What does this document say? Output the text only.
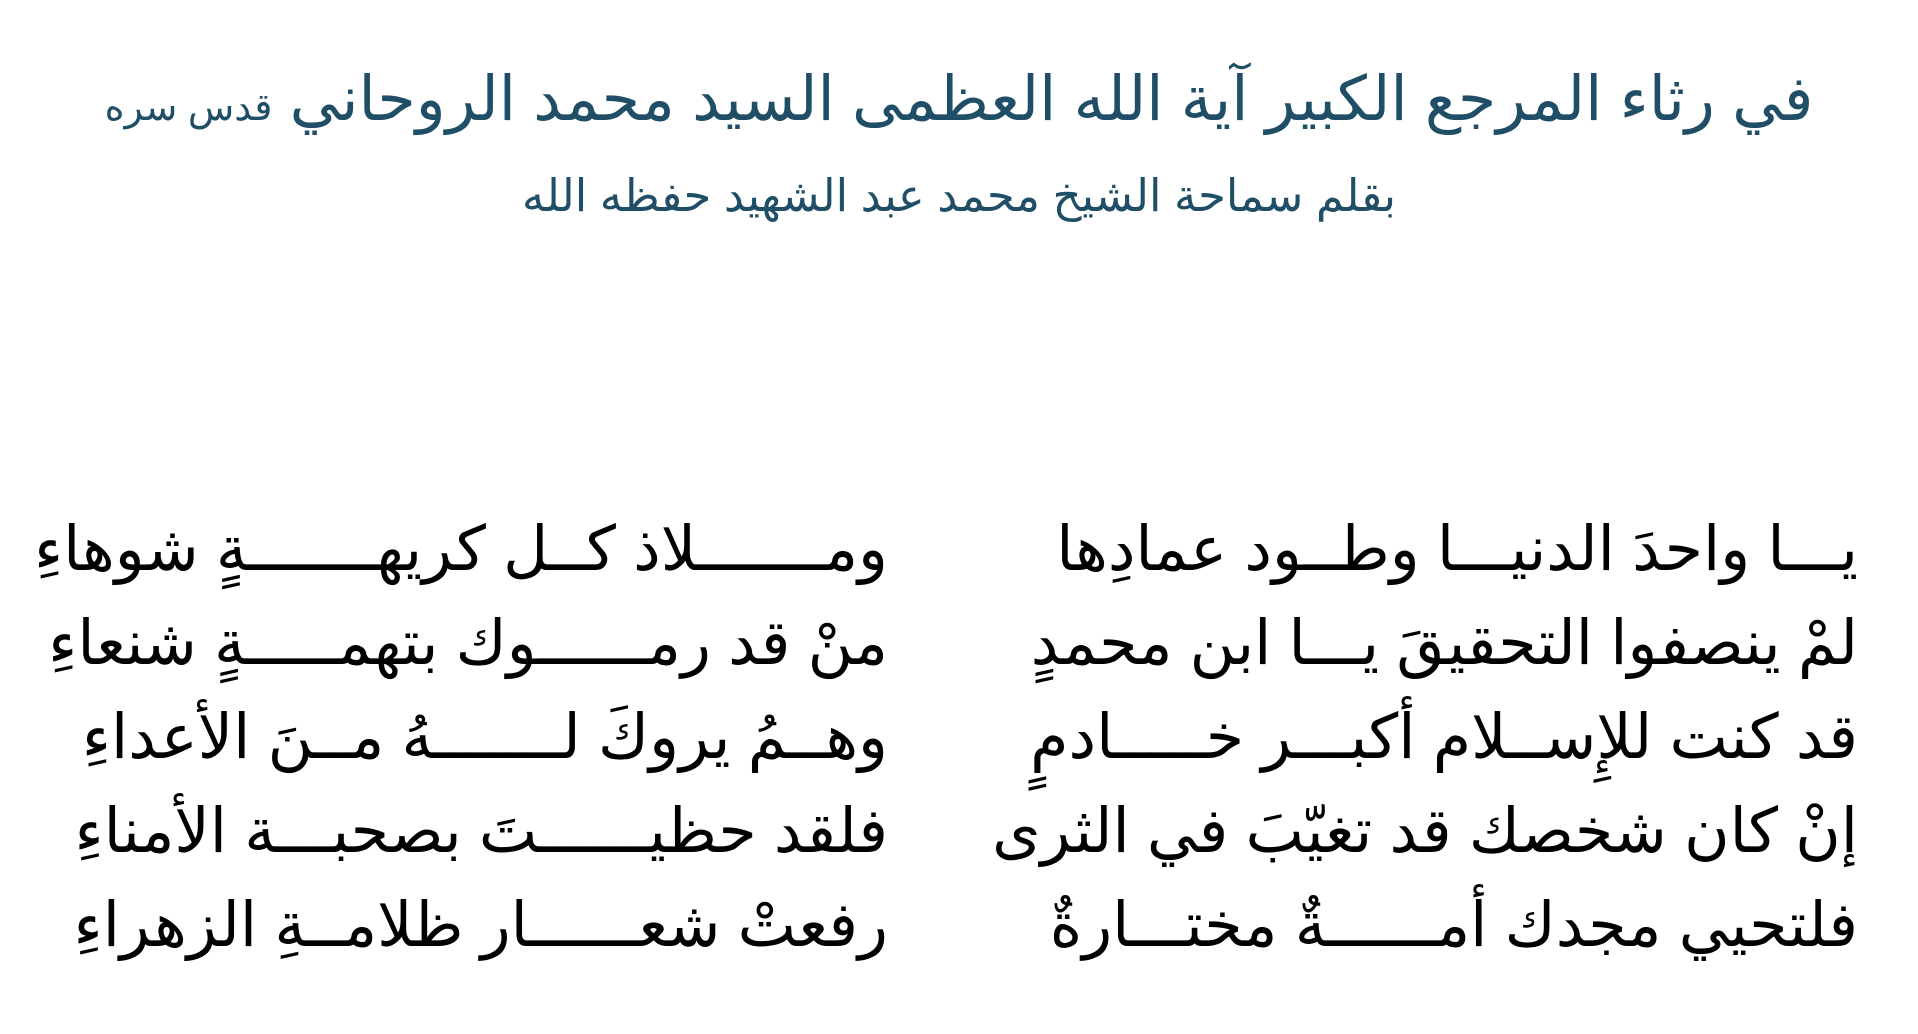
في رثاء المرجع الكبير آية الله العظمى السيد محمد الروحاني قدس سره
بقلم سماحة الشيخ محمد عبد الشهيد حفظه الله
يـــا واحدَ الدنيـــا وطــود عمادِها
ومـــــــلاذ كــل كريهـــــــةٍ شوهاءِ
لمْ ينصفوا التحقيقَ يـــا ابن محمدٍ
منْ قد رمــــــوك بتهمـــــةٍ شنعاءِ
قد كنت للإِســلام أكبـــر خـــــادمٍ
وهــمُ يروكَ لـــــــهُ مــنَ الأعداءِ
إنْ كان شخصك قد تغيّبَ في الثرى
فلقد حظيــــــتَ بصحبـــة الأمناءِ
فلتحيي مجدك أمــــــةٌ مختـــارةٌ
رفعتْ شعــــــار ظلامــةِ الزهراءِ
